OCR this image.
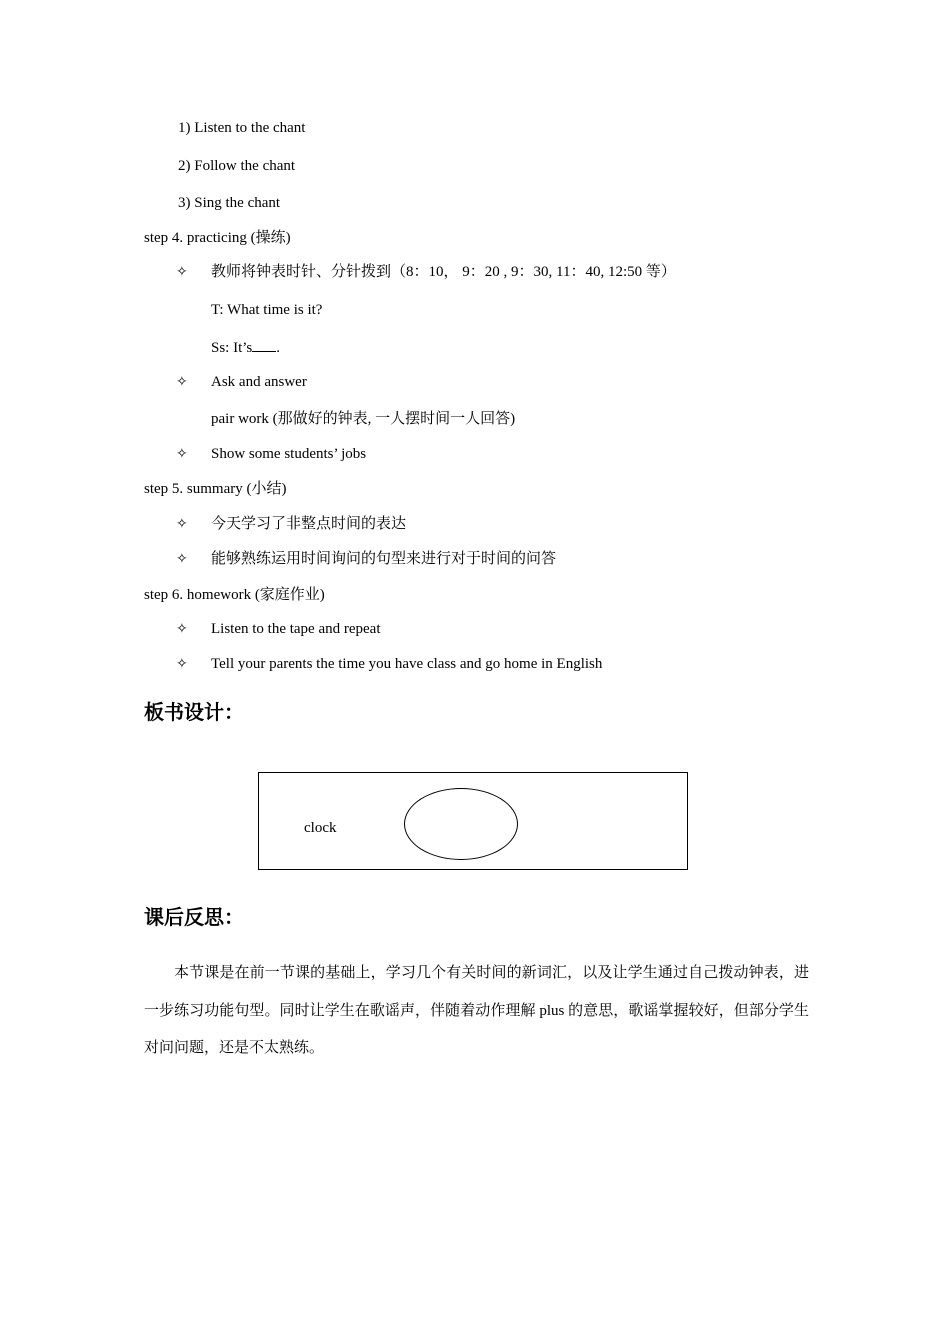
1) Listen to the chant
2) Follow the chant
3) Sing the chant
step 4. practicing (操练)
✧ 教师将钟表时针、分针拨到（8：10， 9：20 , 9：30, 11：40, 12:50 等）
T: What time is it?
Ss: It’s .
✧ Ask and answer
pair work (那做好的钟表, 一人摆时间一人回答)
✧ Show some students’ jobs
step 5. summary (小结)
✧ 今天学习了非整点时间的表达
✧ 能够熟练运用时间询问的句型来进行对于时间的问答
step 6. homework (家庭作业)
✧ Listen to the tape and repeat
✧ Tell your parents the time you have class and go home in English
板书设计：
clock
课后反思：
本节课是在前一节课的基础上，学习几个有关时间的新词汇，以及让学生通过自己拨动钟表，进一步练习功能句型。同时让学生在歌谣声，伴随着动作理解 plus 的意思，歌谣掌握较好，但部分学生对问问题，还是不太熟练。
